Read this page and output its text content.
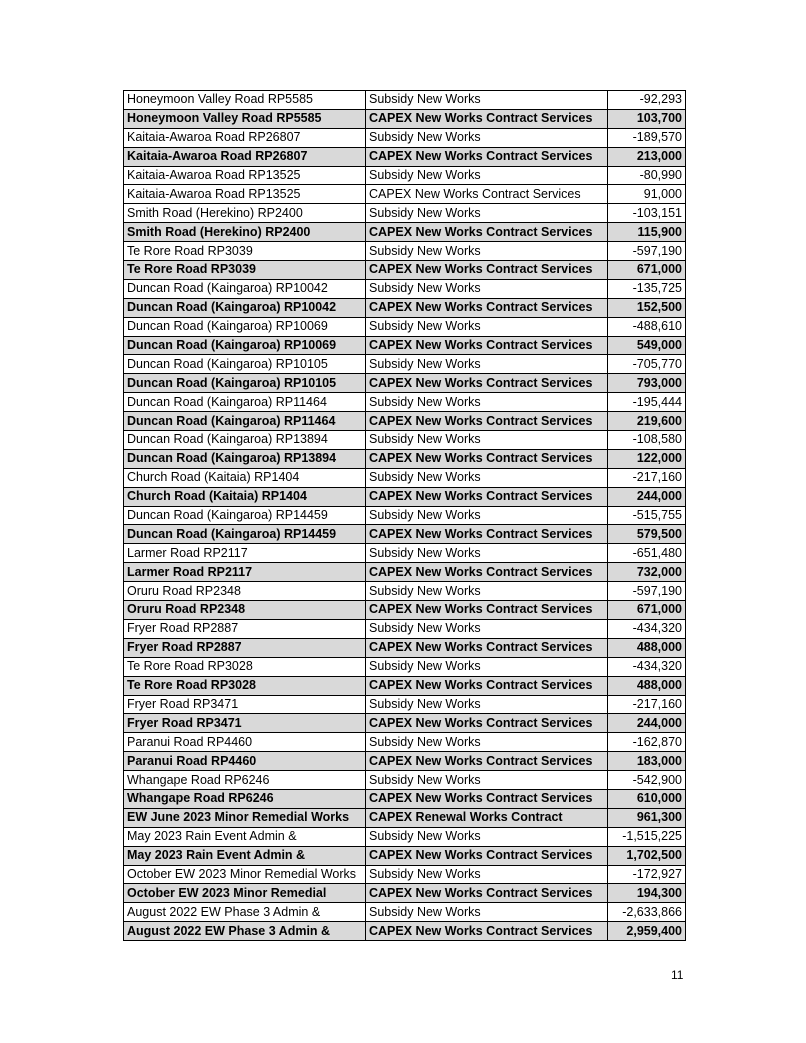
Honeymoon Valley Road RP5585	Subsidy New Works	-92,293
Honeymoon Valley Road RP5585	CAPEX New Works Contract Services	103,700
Kaitaia-Awaroa Road RP26807	Subsidy New Works	-189,570
Kaitaia-Awaroa Road RP26807	CAPEX New Works Contract Services	213,000
Kaitaia-Awaroa Road RP13525	Subsidy New Works	-80,990
Kaitaia-Awaroa Road RP13525	CAPEX New Works Contract Services	91,000
Smith Road (Herekino) RP2400	Subsidy New Works	-103,151
Smith Road (Herekino) RP2400	CAPEX New Works Contract Services	115,900
Te Rore Road RP3039	Subsidy New Works	-597,190
Te Rore Road RP3039	CAPEX New Works Contract Services	671,000
Duncan Road (Kaingaroa) RP10042	Subsidy New Works	-135,725
Duncan Road (Kaingaroa) RP10042	CAPEX New Works Contract Services	152,500
Duncan Road (Kaingaroa) RP10069	Subsidy New Works	-488,610
Duncan Road (Kaingaroa) RP10069	CAPEX New Works Contract Services	549,000
Duncan Road (Kaingaroa) RP10105	Subsidy New Works	-705,770
Duncan Road (Kaingaroa) RP10105	CAPEX New Works Contract Services	793,000
Duncan Road (Kaingaroa) RP11464	Subsidy New Works	-195,444
Duncan Road (Kaingaroa) RP11464	CAPEX New Works Contract Services	219,600
Duncan Road (Kaingaroa) RP13894	Subsidy New Works	-108,580
Duncan Road (Kaingaroa) RP13894	CAPEX New Works Contract Services	122,000
Church Road (Kaitaia) RP1404	Subsidy New Works	-217,160
Church Road (Kaitaia) RP1404	CAPEX New Works Contract Services	244,000
Duncan Road (Kaingaroa) RP14459	Subsidy New Works	-515,755
Duncan Road (Kaingaroa) RP14459	CAPEX New Works Contract Services	579,500
Larmer Road RP2117	Subsidy New Works	-651,480
Larmer Road RP2117	CAPEX New Works Contract Services	732,000
Oruru Road RP2348	Subsidy New Works	-597,190
Oruru Road RP2348	CAPEX New Works Contract Services	671,000
Fryer Road RP2887	Subsidy New Works	-434,320
Fryer Road RP2887	CAPEX New Works Contract Services	488,000
Te Rore Road RP3028	Subsidy New Works	-434,320
Te Rore Road RP3028	CAPEX New Works Contract Services	488,000
Fryer Road RP3471	Subsidy New Works	-217,160
Fryer Road RP3471	CAPEX New Works Contract Services	244,000
Paranui Road RP4460	Subsidy New Works	-162,870
Paranui Road RP4460	CAPEX New Works Contract Services	183,000
Whangape Road RP6246	Subsidy New Works	-542,900
Whangape Road RP6246	CAPEX New Works Contract Services	610,000
EW June 2023 Minor Remedial Works	CAPEX Renewal Works Contract	961,300
May 2023 Rain Event Admin &	Subsidy New Works	-1,515,225
May 2023 Rain Event Admin &	CAPEX New Works Contract Services	1,702,500
October EW 2023 Minor Remedial Works	Subsidy New Works	-172,927
October EW 2023 Minor Remedial	CAPEX New Works Contract Services	194,300
August 2022 EW Phase 3 Admin &	Subsidy New Works	-2,633,866
August 2022 EW Phase 3 Admin &	CAPEX New Works Contract Services	2,959,400
11
